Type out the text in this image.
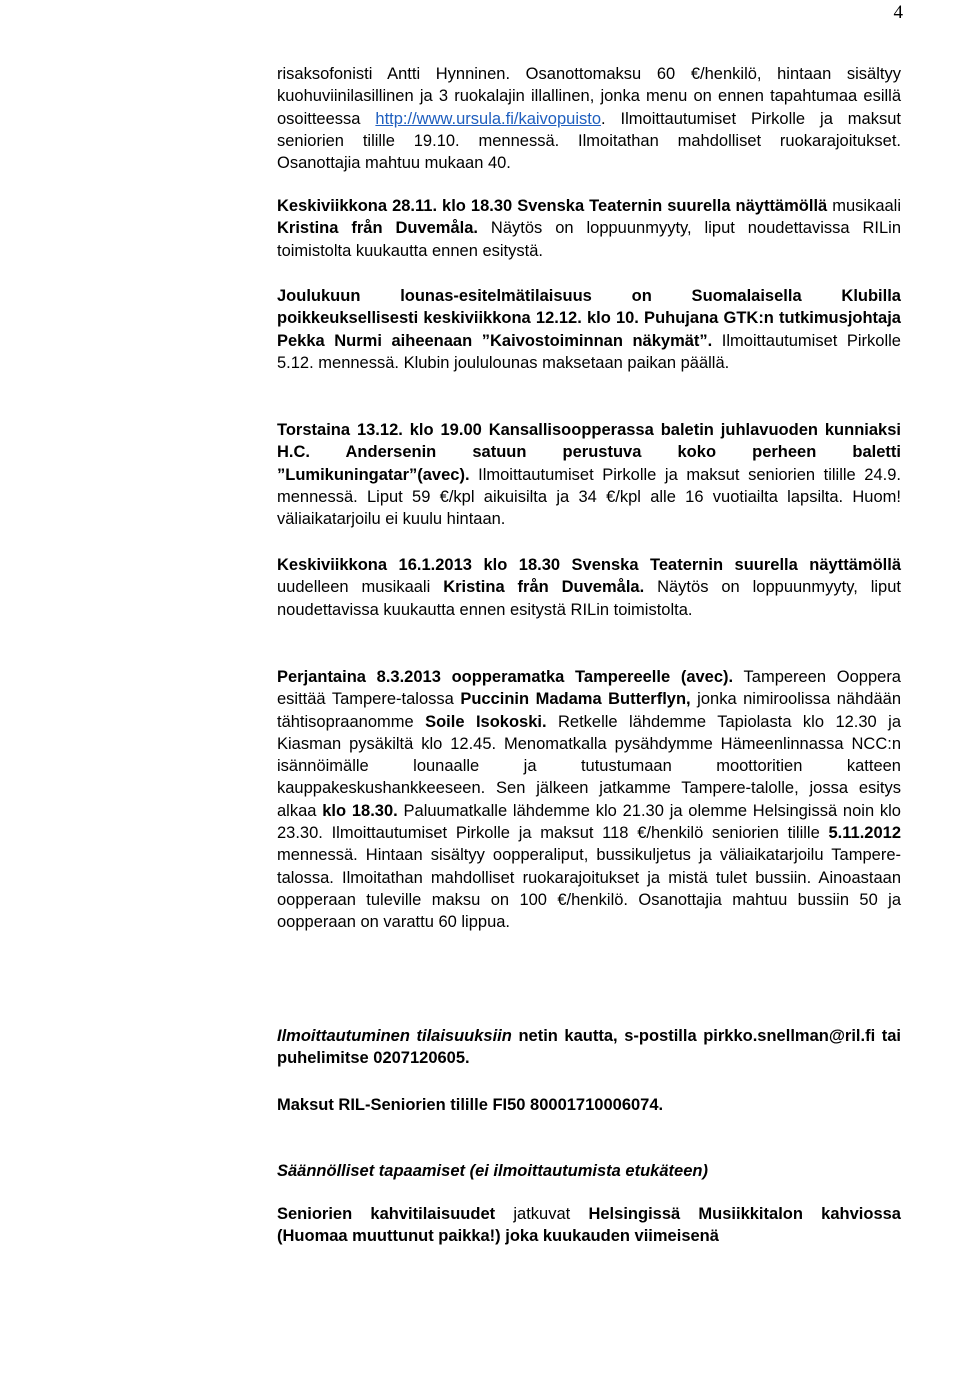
4

risaksofonisti Antti Hynninen. Osanottomaksu 60 €/henkilö, hintaan sisältyy kuohuviinilasillinen ja 3 ruokalajin illallinen, jonka menu on ennen tapahtumaa esillä osoitteessa http://www.ursula.fi/kaivopuisto. Ilmoittautumiset Pirkolle ja maksut seniorien tilille 19.10. mennessä. Ilmoitathan mahdolliset ruokarajoitukset. Osanottajia mahtuu mukaan 40.

Keskiviikkona 28.11. klo 18.30 Svenska Teaternin suurella näyttämöllä musikaali Kristina från Duvemåla. Näytös on loppuunmyyty, liput noudettavissa RILin toimistolta kuukautta ennen esitystä.

Joulukuun lounas-esitelmätilaisuus on Suomalaisella Klubilla poikkeuksellisesti keskiviikkona 12.12. klo 10. Puhujana GTK:n tutkimusjohtaja Pekka Nurmi aiheenaan ”Kaivostoiminnan näkymät”. Ilmoittautumiset Pirkolle 5.12. mennessä. Klubin joululounas maksetaan paikan päällä.

Torstaina 13.12. klo 19.00 Kansallisoopperassa baletin juhlavuoden kunniaksi H.C. Andersenin satuun perustuva koko perheen baletti ”Lumikuningatar”(avec). Ilmoittautumiset Pirkolle ja maksut seniorien tilille 24.9. mennessä. Liput 59 €/kpl aikuisilta ja 34 €/kpl alle 16 vuotiailta lapsilta. Huom! väliaikatarjoilu ei kuulu hintaan.

Keskiviikkona 16.1.2013 klo 18.30 Svenska Teaternin suurella näyttämöllä uudelleen musikaali Kristina från Duvemåla. Näytös on loppuunmyyty, liput noudettavissa kuukautta ennen esitystä RILin toimistolta.

Perjantaina 8.3.2013 oopperamatka Tampereelle (avec). Tampereen Ooppera esittää Tampere-talossa Puccinin Madama Butterflyn, jonka nimiroolissa nähdään tähtisopraanomme Soile Isokoski. Retkelle lähdemme Tapiolasta klo 12.30 ja Kiasman pysäkiltä klo 12.45. Menomatkalla pysähdymme Hämeenlinnassa NCC:n isännöimälle lounaalle ja tutustumaan moottoritien katteen kauppakeskushankkeeseen. Sen jälkeen jatkamme Tampere-talolle, jossa esitys alkaa klo 18.30. Paluumatkalle lähdemme klo 21.30 ja olemme Helsingissä noin klo 23.30. Ilmoittautumiset Pirkolle ja maksut 118 €/henkilö seniorien tilille 5.11.2012 mennessä. Hintaan sisältyy oopperaliput, bussikuljetus ja väliaikatarjoilu Tampere-talossa. Ilmoitathan mahdolliset ruokarajoitukset ja mistä tulet bussiin. Ainoastaan oopperaan tuleville maksu on 100 €/henkilö. Osanottajia mahtuu bussiin 50 ja oopperaan on varattu 60 lippua.

Ilmoittautuminen tilaisuuksiin netin kautta, s-postilla pirkko.snellman@ril.fi tai puhelimitse 0207120605.

Maksut RIL-Seniorien tilille FI50 80001710006074.

Säännölliset tapaamiset (ei ilmoittautumista etukäteen)

Seniorien kahvitilaisuudet jatkuvat Helsingissä Musiikkitalon kahviossa (Huomaa muuttunut paikka!) joka kuukauden viimeisenä
